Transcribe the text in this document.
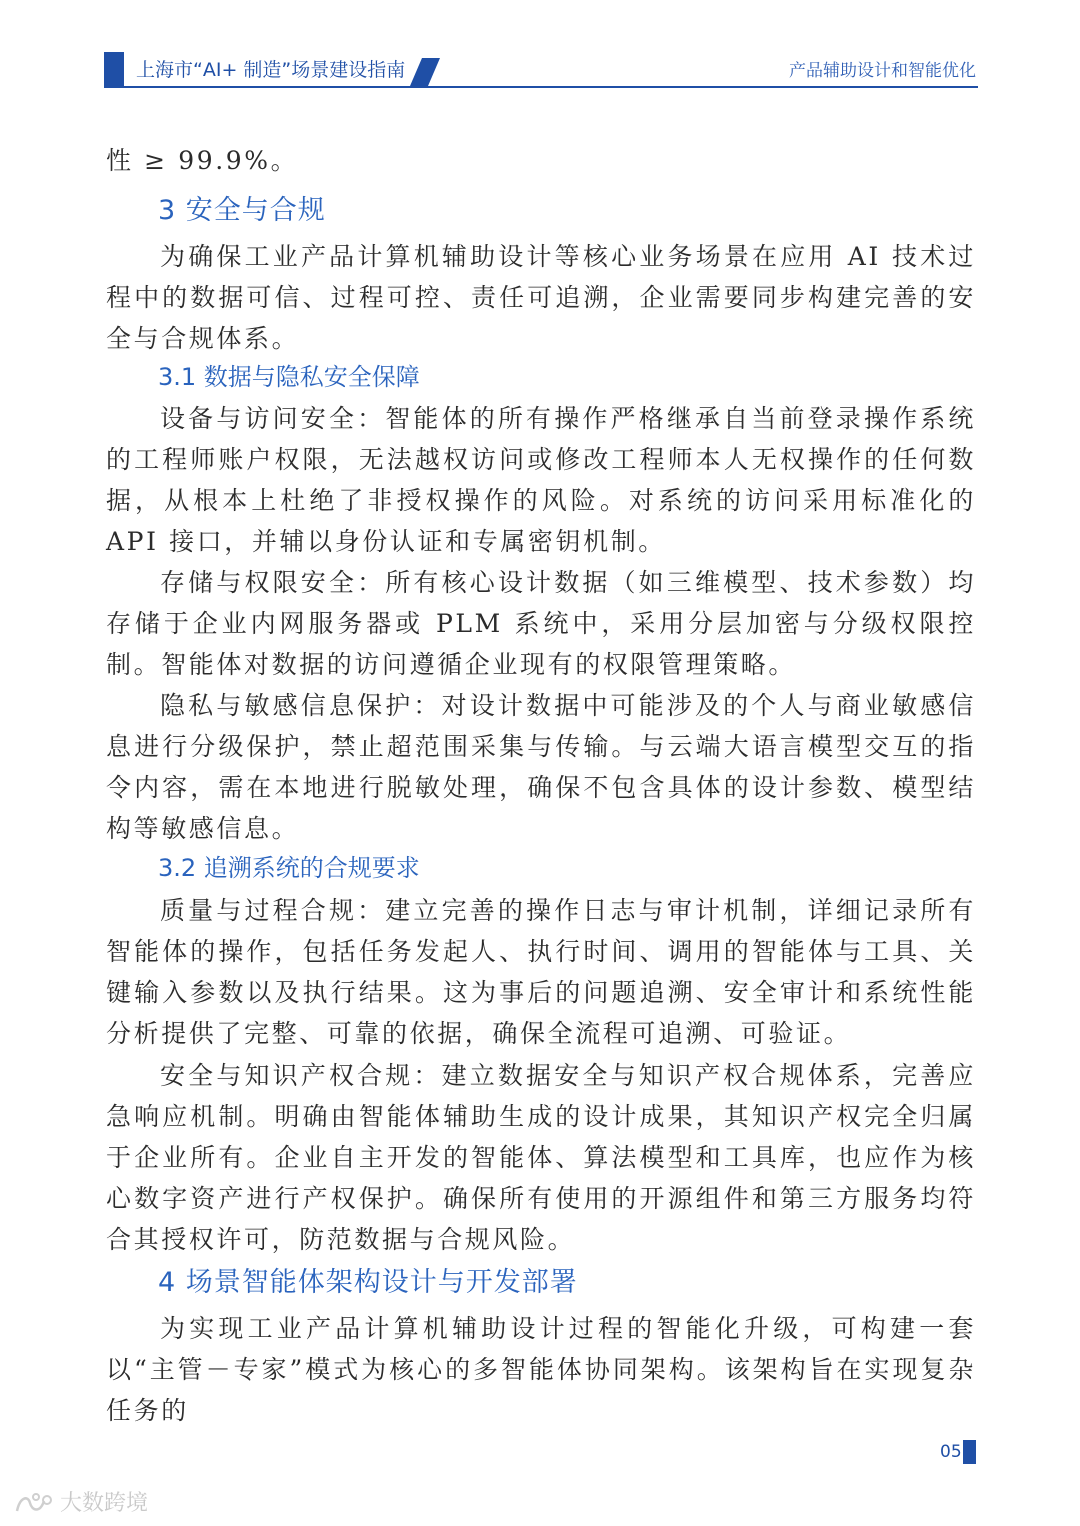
上海市“AI+ 制造”场景建设指南	产品辅助设计和智能优化

性 ≥ 99.9%。

3 安全与合规

为确保工业产品计算机辅助设计等核心业务场景在应用 AI 技术过程中的数据可信、过程可控、责任可追溯，企业需要同步构建完善的安全与合规体系。

3.1 数据与隐私安全保障

设备与访问安全：智能体的所有操作严格继承自当前登录操作系统的工程师账户权限，无法越权访问或修改工程师本人无权操作的任何数据，从根本上杜绝了非授权操作的风险。对系统的访问采用标准化的 API 接口，并辅以身份认证和专属密钥机制。

存储与权限安全：所有核心设计数据（如三维模型、技术参数）均存储于企业内网服务器或 PLM 系统中，采用分层加密与分级权限控制。智能体对数据的访问遵循企业现有的权限管理策略。

隐私与敏感信息保护：对设计数据中可能涉及的个人与商业敏感信息进行分级保护，禁止超范围采集与传输。与云端大语言模型交互的指令内容，需在本地进行脱敏处理，确保不包含具体的设计参数、模型结构等敏感信息。

3.2 追溯系统的合规要求

质量与过程合规：建立完善的操作日志与审计机制，详细记录所有智能体的操作，包括任务发起人、执行时间、调用的智能体与工具、关键输入参数以及执行结果。这为事后的问题追溯、安全审计和系统性能分析提供了完整、可靠的依据，确保全流程可追溯、可验证。

安全与知识产权合规：建立数据安全与知识产权合规体系，完善应急响应机制。明确由智能体辅助生成的设计成果，其知识产权完全归属于企业所有。企业自主开发的智能体、算法模型和工具库，也应作为核心数字资产进行产权保护。确保所有使用的开源组件和第三方服务均符合其授权许可，防范数据与合规风险。

4 场景智能体架构设计与开发部署

为实现工业产品计算机辅助设计过程的智能化升级，可构建一套以“主管－专家”模式为核心的多智能体协同架构。该架构旨在实现复杂任务的

05
大数跨境
